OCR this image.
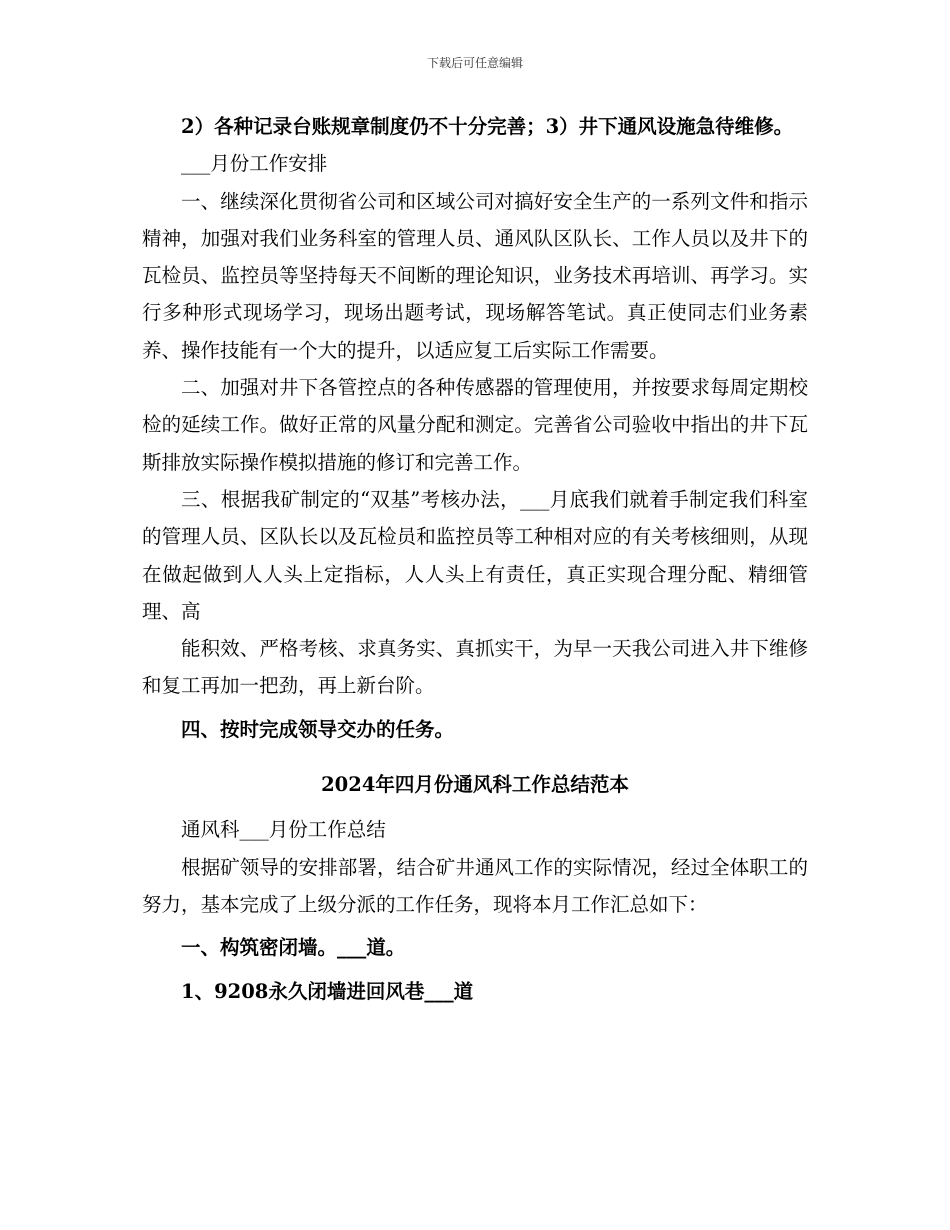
下载后可任意编辑

2）各种记录台账规章制度仍不十分完善；3）井下通风设施急待维修。

___月份工作安排

一、继续深化贯彻省公司和区域公司对搞好安全生产的一系列文件和指示精神，加强对我们业务科室的管理人员、通风队区队长、工作人员以及井下的瓦检员、监控员等坚持每天不间断的理论知识，业务技术再培训、再学习。实行多种形式现场学习，现场出题考试，现场解答笔试。真正使同志们业务素养、操作技能有一个大的提升，以适应复工后实际工作需要。

二、加强对井下各管控点的各种传感器的管理使用，并按要求每周定期校检的延续工作。做好正常的风量分配和测定。完善省公司验收中指出的井下瓦斯排放实际操作模拟措施的修订和完善工作。

三、根据我矿制定的“双基”考核办法，___月底我们就着手制定我们科室的管理人员、区队长以及瓦检员和监控员等工种相对应的有关考核细则，从现在做起做到人人头上定指标，人人头上有责任，真正实现合理分配、精细管理、高

能积效、严格考核、求真务实、真抓实干，为早一天我公司进入井下维修和复工再加一把劲，再上新台阶。

四、按时完成领导交办的任务。

2024年四月份通风科工作总结范本

通风科___月份工作总结

根据矿领导的安排部署，结合矿井通风工作的实际情况，经过全体职工的努力，基本完成了上级分派的工作任务，现将本月工作汇总如下：

一、构筑密闭墙。___道。

1、9208永久闭墙进回风巷___道
